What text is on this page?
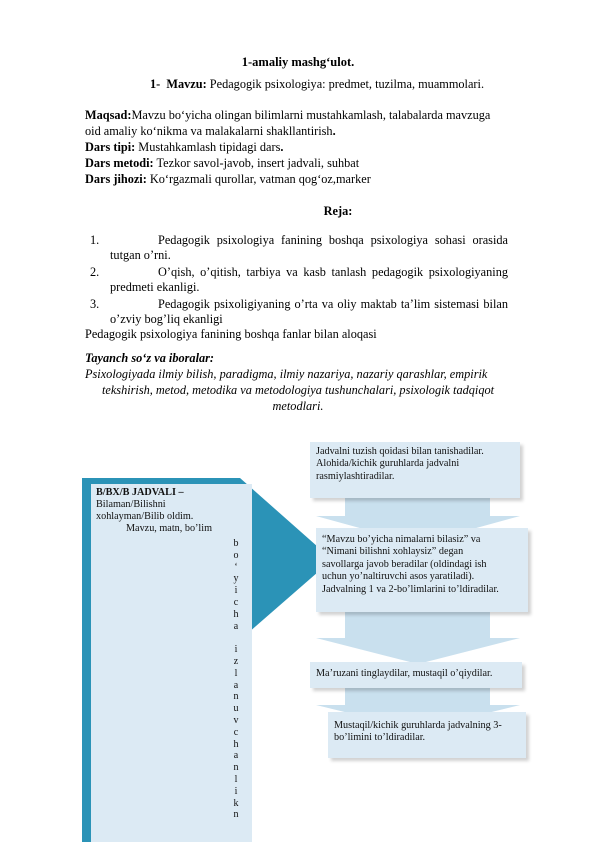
1-amaliy mashg‘ulot.
1- Mavzu: Pedagogik psixologiya: predmet, tuzilma, muammolari.
Maqsad:Mavzu bo‘yicha olingan bilimlarni mustahkamlash, talabalarda mavzuga
oid amaliy ko‘nikma va malakalarni shakllantirish.
Dars tipi: Mustahkamlash tipidagi dars.
Dars metodi: Tezkor savol-javob, insert jadvali, suhbat
Dars jihozi: Ko‘rgazmali qurollar, vatman qog‘oz,marker
Reja:
1.	Pedagogik psixologiya fanining boshqa psixologiya sohasi orasida
tutgan o’rni.
2.	O’qish, o’qitish, tarbiya va kasb tanlash pedagogik psixologiyaning
predmeti ekanligi.
3.	Pedagogik psixoligiyaning o’rta va oliy maktab ta’lim sistemasi bilan
o’zviy bog’liq ekanligi
Pedagogik psixologiya fanining boshqa fanlar bilan aloqasi
Tayanch so‘z va iboralar:
Psixologiyada ilmiy bilish, paradigma, ilmiy nazariya, nazariy qarashlar, empirik
tekshirish, metod, metodika va metodologiya tushunchalari, psixologik tadqiqot
metodlari.
B/BX/B JADVALI –
Bilaman/Bilishni
xohlayman/Bilib oldim.
Mavzu, matn, bo’lim
b
o
‘
y
i
c
h
a

i
z
l
a
n
u
v
c
h
a
n
l
i
k
n
Jadvalni tuzish qoidasi bilan tanishadilar.
Alohida/kichik guruhlarda jadvalni
rasmiylashtiradilar.
“Mavzu bo’yicha nimalarni bilasiz” va
“Nimani bilishni xohlaysiz” degan
savollarga javob beradilar (oldindagi ish
uchun yo’naltiruvchi asos yaratiladi).
Jadvalning 1 va 2-bo’limlarini to’ldiradilar.
Ma’ruzani tinglaydilar, mustaqil o’qiydilar.
Mustaqil/kichik guruhlarda jadvalning 3-
bo’limini to’ldiradilar.
